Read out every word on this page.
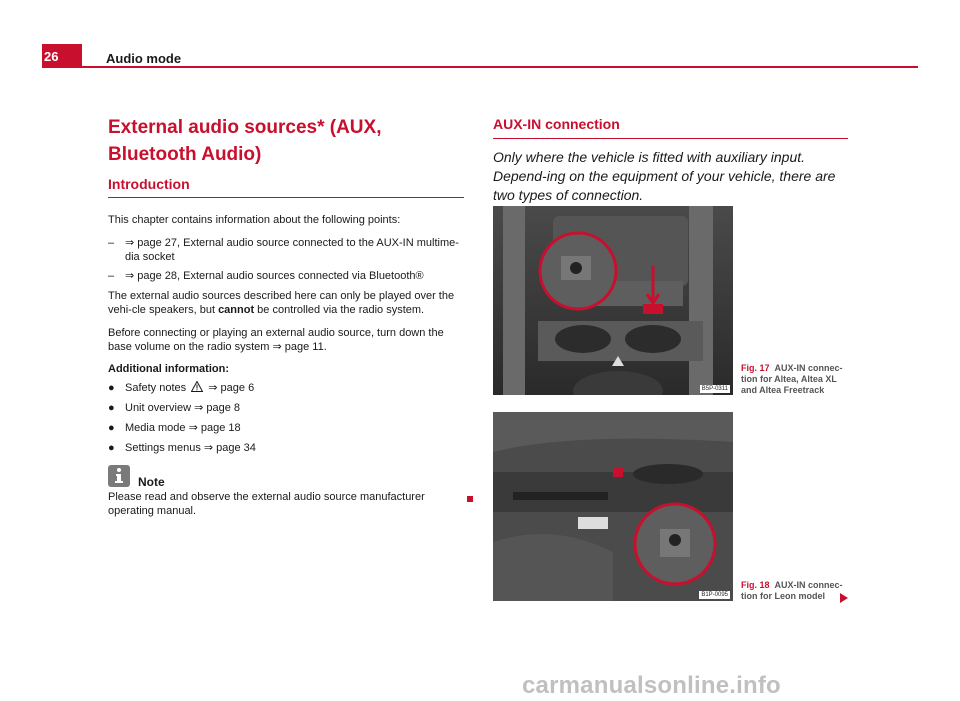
26	Audio mode
External audio sources* (AUX, Bluetooth Audio)
Introduction

This chapter contains information about the following points:

– ⇒ page 27, External audio source connected to the AUX-IN multime-dia socket
– ⇒ page 28, External audio sources connected via Bluetooth®

The external audio sources described here can only be played over the vehi-cle speakers, but cannot be controlled via the radio system.

Before connecting or playing an external audio source, turn down the base volume on the radio system ⇒ page 11.

Additional information:
● Safety notes ⇒ page 6
● Unit overview ⇒ page 8
● Media mode ⇒ page 18
● Settings menus ⇒ page 34
Note

Please read and observe the external audio source manufacturer operating manual.

AUX-IN connection
Only where the vehicle is fitted with auxiliary input. Depend-ing on the equipment of your vehicle, there are two types of connection.
B5P-0311
Fig. 17 AUX-IN connec-tion for Altea, Altea XL and Altea Freetrack
B1P-0095
Fig. 18 AUX-IN connec-tion for Leon model
carmanualsonline.info
